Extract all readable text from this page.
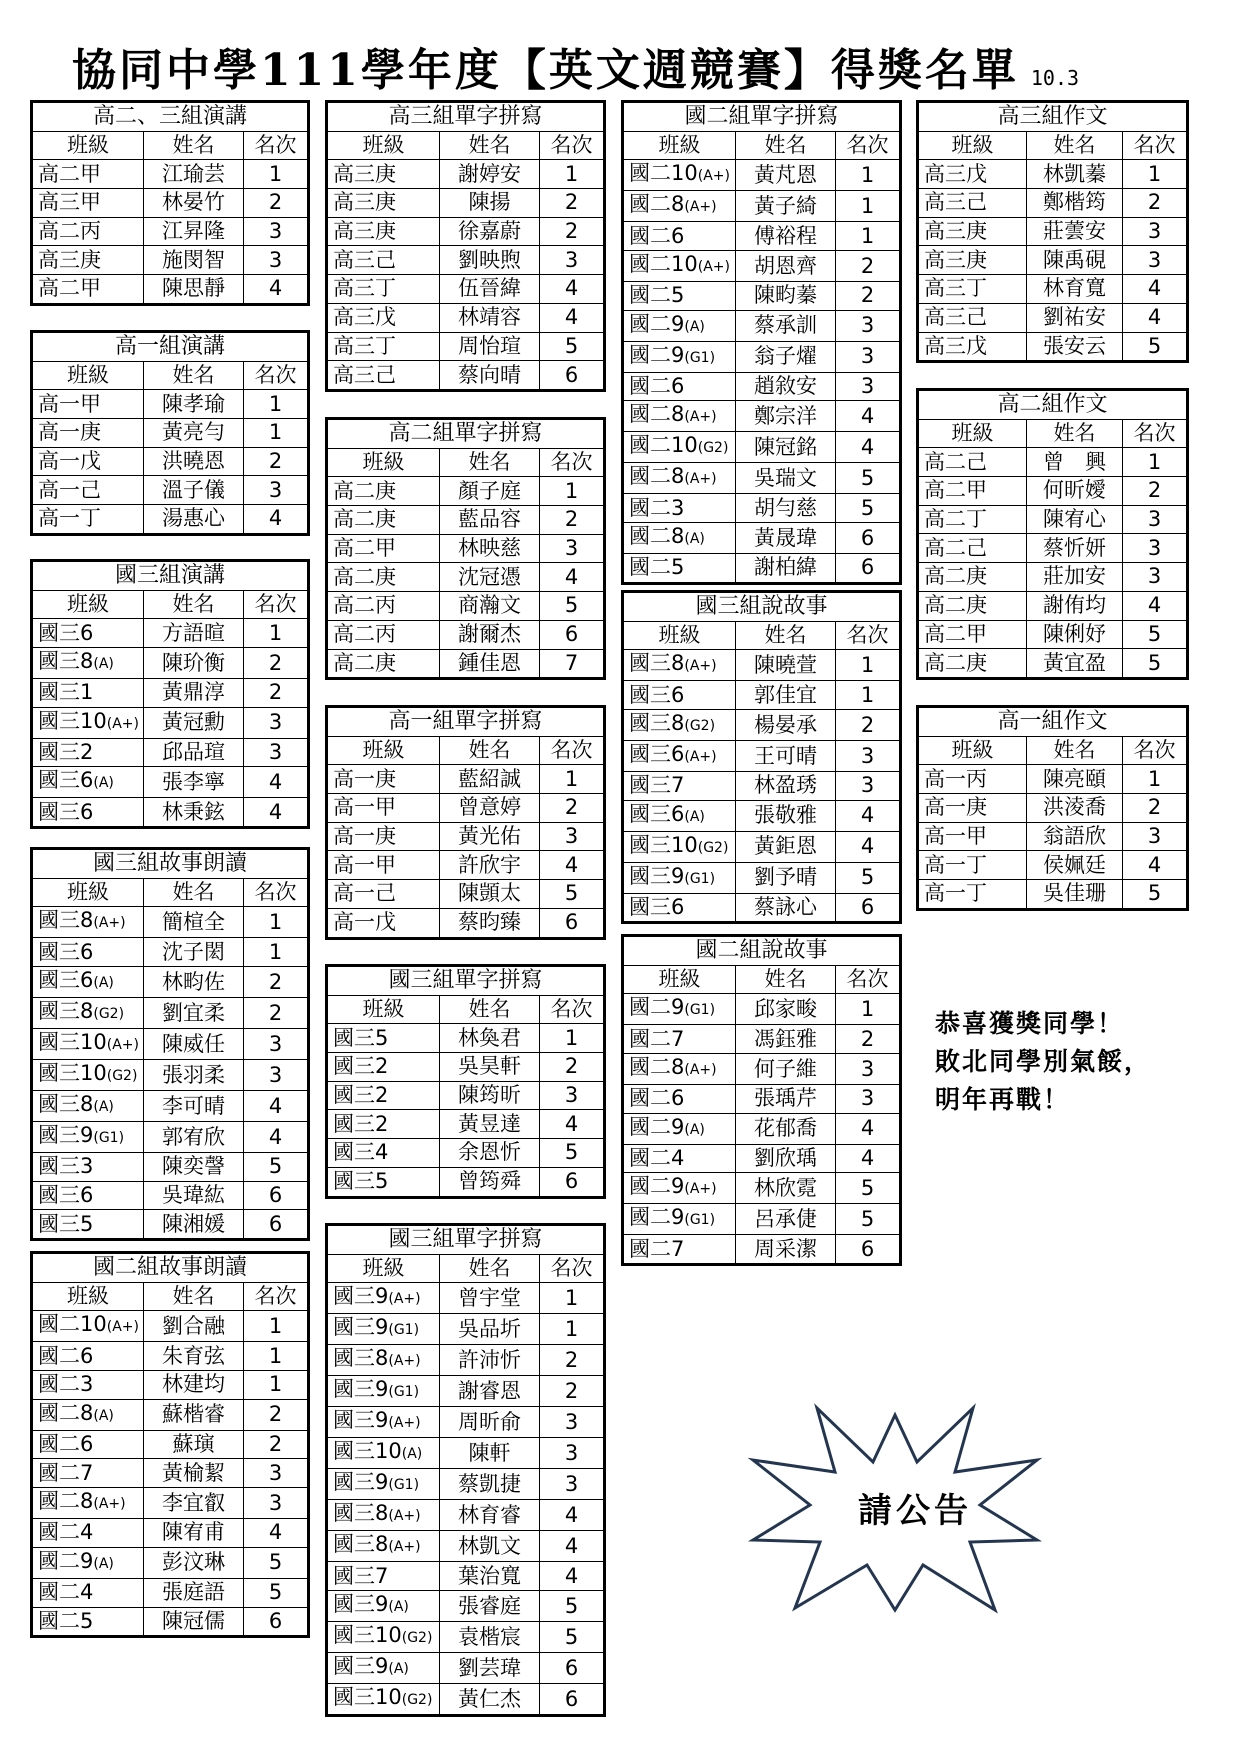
協同中學111學年度【英文週競賽】得獎名單 10.3
高二、三組演講		
班級	姓名	名次
高二甲	江瑜芸	1
高三甲	林晏竹	2
高二丙	江昇隆	3
高三庚	施閔智	3
高二甲	陳思靜	4
高一組演講		
班級	姓名	名次
高一甲	陳孝瑜	1
高一庚	黃亮勻	1
高一戊	洪曉恩	2
高一己	溫子儀	3
高一丁	湯惠心	4
國三組演講		
班級	姓名	名次
國三6	方語暄	1
國三8(A)	陳玠衡	2
國三1	黃鼎淳	2
國三10(A+)	黃冠勳	3
國三2	邱品瑄	3
國三6(A)	張李寧	4
國三6	林秉鉉	4
國三組故事朗讀		
班級	姓名	名次
國三8(A+)	簡楦全	1
國三6	沈子閎	1
國三6(A)	林畇佐	2
國三8(G2)	劉宜柔	2
國三10(A+)	陳威任	3
國三10(G2)	張羽柔	3
國三8(A)	李可晴	4
國三9(G1)	郭宥欣	4
國三3	陳奕謦	5
國三6	吳瑋紘	6
國三5	陳湘媛	6
國二組故事朗讀		
班級	姓名	名次
國二10(A+)	劉合融	1
國二6	朱育弦	1
國二3	林建均	1
國二8(A)	蘇楷睿	2
國二6	蘇璌	2
國二7	黃榆絜	3
國二8(A+)	李宜叡	3
國二4	陳宥甫	4
國二9(A)	彭汶琳	5
國二4	張庭語	5
國二5	陳冠儒	6
高三組單字拼寫		
班級	姓名	名次
高三庚	謝婷安	1
高三庚	陳揚	2
高三庚	徐嘉蔚	2
高三己	劉映煦	3
高三丁	伍晉緯	4
高三戊	林靖容	4
高三丁	周怡瑄	5
高三己	蔡向晴	6
高二組單字拼寫		
班級	姓名	名次
高二庚	顏子庭	1
高二庚	藍品容	2
高二甲	林映慈	3
高二庚	沈冠憑	4
高二丙	商瀚文	5
高二丙	謝爾杰	6
高二庚	鍾佳恩	7
高一組單字拼寫		
班級	姓名	名次
高一庚	藍紹誠	1
高一甲	曾意婷	2
高一庚	黃光佑	3
高一甲	許欣宇	4
高一己	陳顗太	5
高一戊	蔡昀臻	6
國三組單字拼寫		
班級	姓名	名次
國三5	林奐君	1
國三2	吳昊軒	2
國三2	陳筠昕	3
國三2	黃昱達	4
國三4	余恩忻	5
國三5	曾筠舜	6
國三組單字拼寫		
班級	姓名	名次
國三9(A+)	曾宇堂	1
國三9(G1)	吳品圻	1
國三8(A+)	許沛忻	2
國三9(G1)	謝睿恩	2
國三9(A+)	周昕俞	3
國三10(A)	陳軒	3
國三9(G1)	蔡凱捷	3
國三8(A+)	林育睿	4
國三8(A+)	林凱文	4
國三7	葉治寬	4
國三9(A)	張睿庭	5
國三10(G2)	袁楷宸	5
國三9(A)	劉芸瑋	6
國三10(G2)	黃仁杰	6
國二組單字拼寫		
班級	姓名	名次
國二10(A+)	黃芃恩	1
國二8(A+)	黃子綺	1
國二6	傅裕程	1
國二10(A+)	胡恩齊	2
國二5	陳畇蓁	2
國二9(A)	蔡承訓	3
國二9(G1)	翁子燿	3
國二6	趙敘安	3
國二8(A+)	鄭宗洋	4
國二10(G2)	陳冠銘	4
國二8(A+)	吳瑞文	5
國二3	胡勻慈	5
國二8(A)	黃晟瑋	6
國二5	謝柏緯	6
國三組說故事		
班級	姓名	名次
國三8(A+)	陳曉萱	1
國三6	郭佳宜	1
國三8(G2)	楊晏承	2
國三6(A+)	王可晴	3
國三7	林盈琇	3
國三6(A)	張敬雅	4
國三10(G2)	黃鉅恩	4
國三9(G1)	劉予晴	5
國三6	蔡詠心	6
國二組說故事		
班級	姓名	名次
國二9(G1)	邱家畯	1
國二7	馮鈺雅	2
國二8(A+)	何子維	3
國二6	張瑀芹	3
國二9(A)	花郁喬	4
國二4	劉欣瑀	4
國二9(A+)	林欣霓	5
國二9(G1)	呂承倢	5
國二7	周采潔	6
高三組作文		
班級	姓名	名次
高三戊	林凱蓁	1
高三己	鄭楷筠	2
高三庚	莊蕓安	3
高三庚	陳禹硯	3
高三丁	林育寬	4
高三己	劉祐安	4
高三戊	張安云	5
高二組作文		
班級	姓名	名次
高二己	曾　興	1
高二甲	何昕嬡	2
高二丁	陳宥心	3
高二己	蔡忻妍	3
高二庚	莊加安	3
高二庚	謝侑均	4
高二甲	陳俐妤	5
高二庚	黃宜盈	5
高一組作文		
班級	姓名	名次
高一丙	陳亮頤	1
高一庚	洪淩喬	2
高一甲	翁語欣	3
高一丁	侯姵廷	4
高一丁	吳佳珊	5
恭喜獲獎同學！
敗北同學別氣餒，
明年再戰！
請公告
